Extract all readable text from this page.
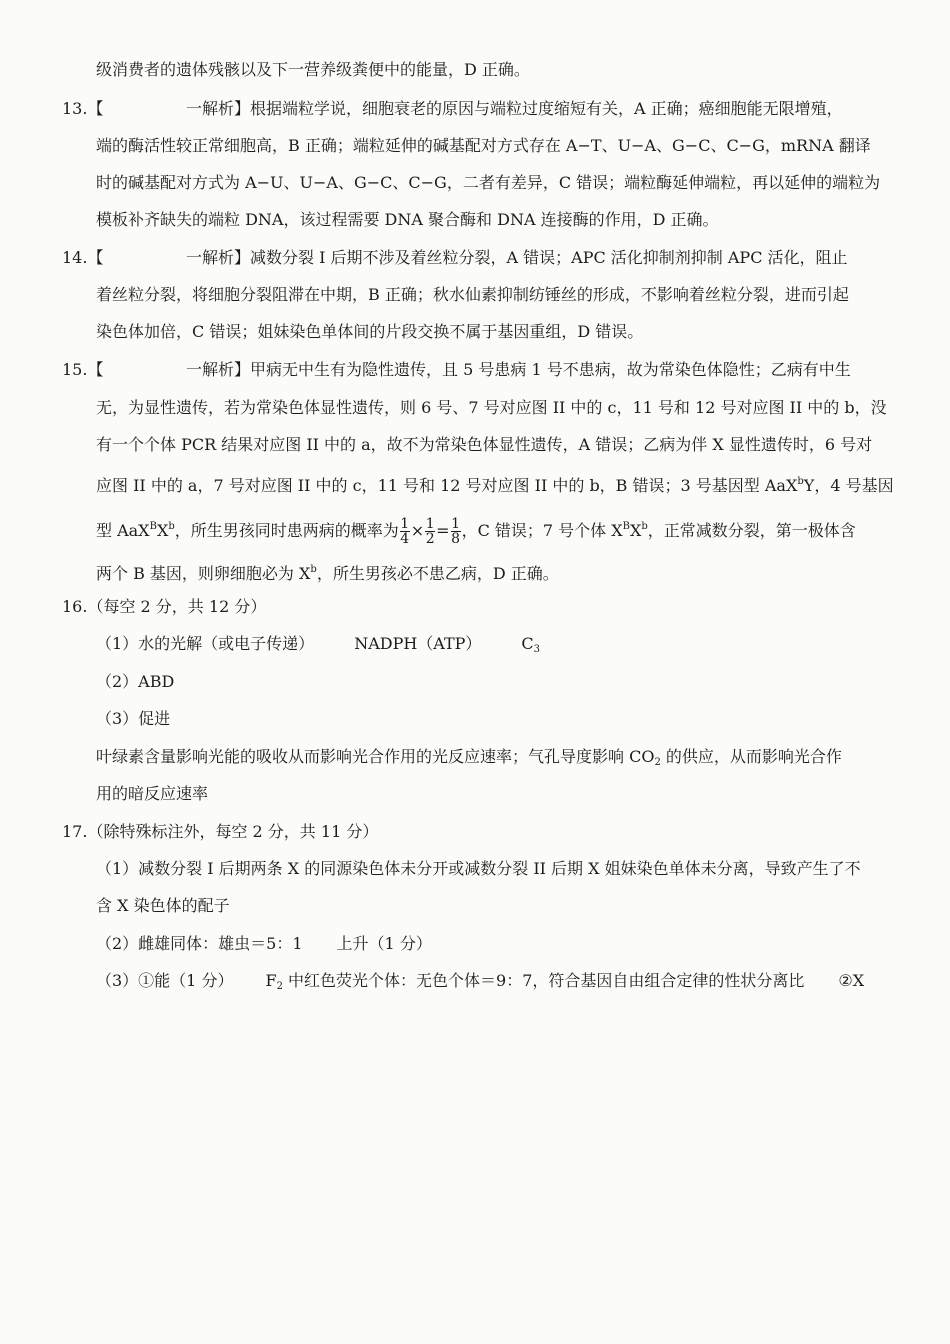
级消费者的遗体残骸以及下一营养级粪便中的能量，D 正确。
13.【	一解析】根据端粒学说，细胞衰老的原因与端粒过度缩短有关，A 正确；癌细胞能无限增殖，
端的酶活性较正常细胞高，B 正确；端粒延伸的碱基配对方式存在 A−T、U−A、G−C、C−G，mRNA 翻译
时的碱基配对方式为 A−U、U−A、G−C、C−G，二者有差异，C 错误；端粒酶延伸端粒，再以延伸的端粒为
模板补齐缺失的端粒 DNA，该过程需要 DNA 聚合酶和 DNA 连接酶的作用，D 正确。
14.【	一解析】减数分裂 I 后期不涉及着丝粒分裂，A 错误；APC 活化抑制剂抑制 APC 活化，阻止
着丝粒分裂，将细胞分裂阻滞在中期，B 正确；秋水仙素抑制纺锤丝的形成，不影响着丝粒分裂，进而引起
染色体加倍，C 错误；姐妹染色单体间的片段交换不属于基因重组，D 错误。
15.【	一解析】甲病无中生有为隐性遗传，且 5 号患病 1 号不患病，故为常染色体隐性；乙病有中生
无，为显性遗传，若为常染色体显性遗传，则 6 号、7 号对应图 II 中的 c，11 号和 12 号对应图 II 中的 b，没
有一个个体 PCR 结果对应图 II 中的 a，故不为常染色体显性遗传，A 错误；乙病为伴 X 显性遗传时，6 号对
应图 II 中的 a，7 号对应图 II 中的 c，11 号和 12 号对应图 II 中的 b，B 错误；3 号基因型 AaX$^b$Y，4 号基因
型 $AaX^BX^b$，所生男孩同时患两病的概率为 $\frac{1}{4} \times \frac{1}{2} = \frac{1}{8}$ ，C 错误；7 号个体 $X^BX^b$，正常减数分裂，第一极体含
两个 B 基因，则卵细胞必为 $X^b$，所生男孩必不患乙病，D 正确。
16.（每空 2 分，共 12 分）
（1）水的光解（或电子传递）	NADPH（ATP）	$C_3$
（2）ABD
（3）促进
叶绿素含量影响光能的吸收从而影响光合作用的光反应速率；气孔导度影响 $CO_2$ 的供应，从而影响光合作
用的暗反应速率
17.（除特殊标注外，每空 2 分，共 11 分）
（1）减数分裂 I 后期两条 X 的同源染色体未分开或减数分裂 II 后期 X 姐妹染色单体未分离，导致产生了不
含 X 染色体的配子
（2）雌雄同体：雄虫＝5：1 上升（1 分）
（3）①能（1 分） $F_2$ 中红色荧光个体：无色个体＝9：7，符合基因自由组合定律的性状分离比 ②X
